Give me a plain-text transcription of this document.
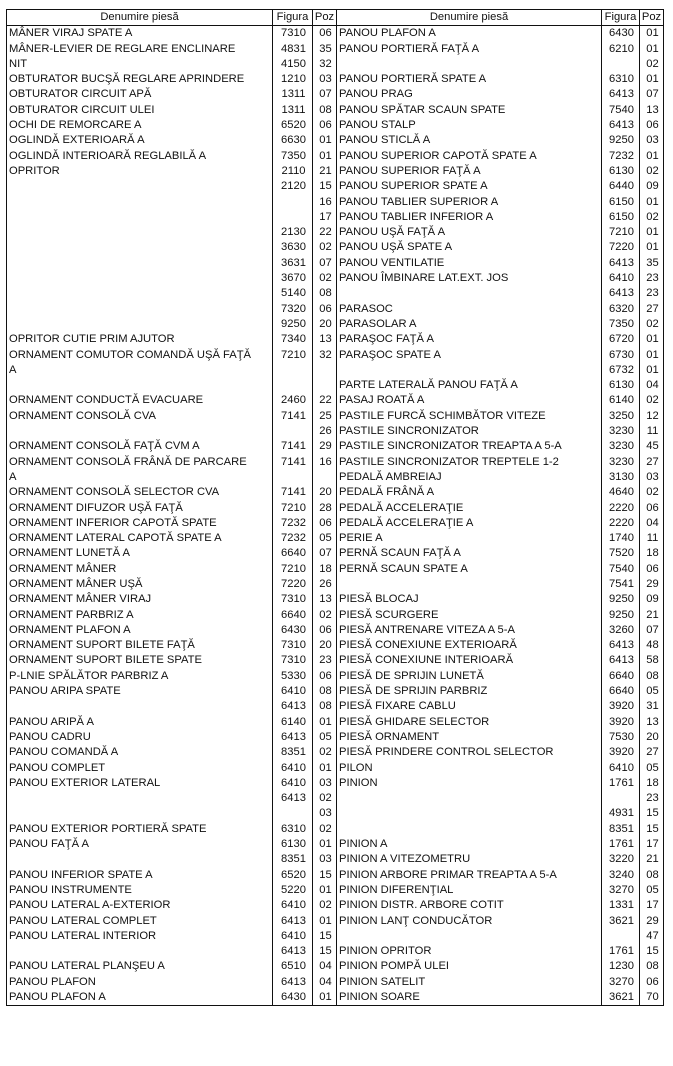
Denumire piesă	Figura	Poz	Denumire piesă	Figura	Poz
MÂNER VIRAJ SPATE A	7310	06	PANOU PLAFON A	6430	01
MÂNER-LEVIER DE REGLARE ENCLINARE	4831	35	PANOU PORTIERĂ FAŢĂ A	6210	01
NIT	4150	32			02
OBTURATOR BUCŞĂ REGLARE APRINDERE	1210	03	PANOU PORTIERĂ SPATE A	6310	01
OBTURATOR CIRCUIT APĂ	1311	07	PANOU PRAG	6413	07
OBTURATOR CIRCUIT ULEI	1311	08	PANOU SPĂTAR SCAUN SPATE	7540	13
OCHI DE REMORCARE A	6520	06	PANOU STALP	6413	06
OGLINDĂ EXTERIOARĂ A	6630	01	PANOU STICLĂ A	9250	03
OGLINDĂ INTERIOARĂ REGLABILĂ A	7350	01	PANOU SUPERIOR CAPOTĂ SPATE A	7232	01
OPRITOR	2110	21	PANOU SUPERIOR FAŢĂ A	6130	02
	2120	15	PANOU SUPERIOR SPATE A	6440	09
		16	PANOU TABLIER SUPERIOR A	6150	01
		17	PANOU TABLIER INFERIOR A	6150	02
	2130	22	PANOU UŞĂ FAŢĂ A	7210	01
	3630	02	PANOU UŞĂ SPATE A	7220	01
	3631	07	PANOU VENTILATIE	6413	35
	3670	02	PANOU ÎMBINARE LAT.EXT. JOS	6410	23
	5140	08		6413	23
	7320	06	PARASOC	6320	27
	9250	20	PARASOLAR A	7350	02
OPRITOR CUTIE PRIM AJUTOR	7340	13	PARAŞOC FAŢĂ A	6720	01
ORNAMENT COMUTOR COMANDĂ UŞĂ FAŢĂ	7210	32	PARAŞOC SPATE A	6730	01
A				6732	01
			PARTE LATERALĂ PANOU FAŢĂ A	6130	04
ORNAMENT CONDUCTĂ EVACUARE	2460	22	PASAJ ROATĂ A	6140	02
ORNAMENT CONSOLĂ CVA	7141	25	PASTILE FURCĂ SCHIMBĂTOR VITEZE	3250	12
		26	PASTILE SINCRONIZATOR	3230	11
ORNAMENT CONSOLĂ FAŢĂ CVM A	7141	29	PASTILE SINCRONIZATOR TREAPTA A 5-A	3230	45
ORNAMENT CONSOLĂ FRÂNĂ DE PARCARE	7141	16	PASTILE SINCRONIZATOR TREPTELE 1-2	3230	27
A			PEDALĂ AMBREIAJ	3130	03
ORNAMENT CONSOLĂ SELECTOR CVA	7141	20	PEDALĂ FRÂNĂ A	4640	02
ORNAMENT DIFUZOR UŞĂ FAŢĂ	7210	28	PEDALĂ ACCELERAŢIE	2220	06
ORNAMENT INFERIOR CAPOTĂ SPATE	7232	06	PEDALĂ ACCELERAŢIE A	2220	04
ORNAMENT LATERAL CAPOTĂ SPATE A	7232	05	PERIE A	1740	11
ORNAMENT LUNETĂ A	6640	07	PERNĂ SCAUN FAŢĂ A	7520	18
ORNAMENT MÂNER	7210	18	PERNĂ SCAUN SPATE A	7540	06
ORNAMENT MÂNER UŞĂ	7220	26		7541	29
ORNAMENT MÂNER VIRAJ	7310	13	PIESĂ BLOCAJ	9250	09
ORNAMENT PARBRIZ A	6640	02	PIESĂ SCURGERE	9250	21
ORNAMENT PLAFON A	6430	06	PIESĂ ANTRENARE VITEZA A 5-A	3260	07
ORNAMENT SUPORT BILETE FAŢĂ	7310	20	PIESĂ CONEXIUNE EXTERIOARĂ	6413	48
ORNAMENT SUPORT BILETE SPATE	7310	23	PIESĂ CONEXIUNE INTERIOARĂ	6413	58
P-LNIE SPĂLĂTOR PARBRIZ A	5330	06	PIESĂ DE SPRIJIN LUNETĂ	6640	08
PANOU ARIPA SPATE	6410	08	PIESĂ DE SPRIJIN PARBRIZ	6640	05
	6413	08	PIESĂ FIXARE CABLU	3920	31
PANOU ARIPĂ A	6140	01	PIESĂ GHIDARE SELECTOR	3920	13
PANOU CADRU	6413	05	PIESĂ ORNAMENT	7530	20
PANOU COMANDĂ A	8351	02	PIESĂ PRINDERE CONTROL SELECTOR	3920	27
PANOU COMPLET	6410	01	PILON	6410	05
PANOU EXTERIOR LATERAL	6410	03	PINION	1761	18
	6413	02			23
		03		4931	15
PANOU EXTERIOR PORTIERĂ SPATE	6310	02		8351	15
PANOU FAŢĂ A	6130	01	PINION A	1761	17
	8351	03	PINION A VITEZOMETRU	3220	21
PANOU INFERIOR SPATE A	6520	15	PINION ARBORE PRIMAR TREAPTA A 5-A	3240	08
PANOU INSTRUMENTE	5220	01	PINION DIFERENŢIAL	3270	05
PANOU LATERAL A-EXTERIOR	6410	02	PINION DISTR. ARBORE COTIT	1331	17
PANOU LATERAL COMPLET	6413	01	PINION LANŢ CONDUCĂTOR	3621	29
PANOU LATERAL INTERIOR	6410	15			47
	6413	15	PINION OPRITOR	1761	15
PANOU LATERAL PLANŞEU A	6510	04	PINION POMPĂ ULEI	1230	08
PANOU PLAFON	6413	04	PINION SATELIT	3270	06
PANOU PLAFON A	6430	01	PINION SOARE	3621	70
